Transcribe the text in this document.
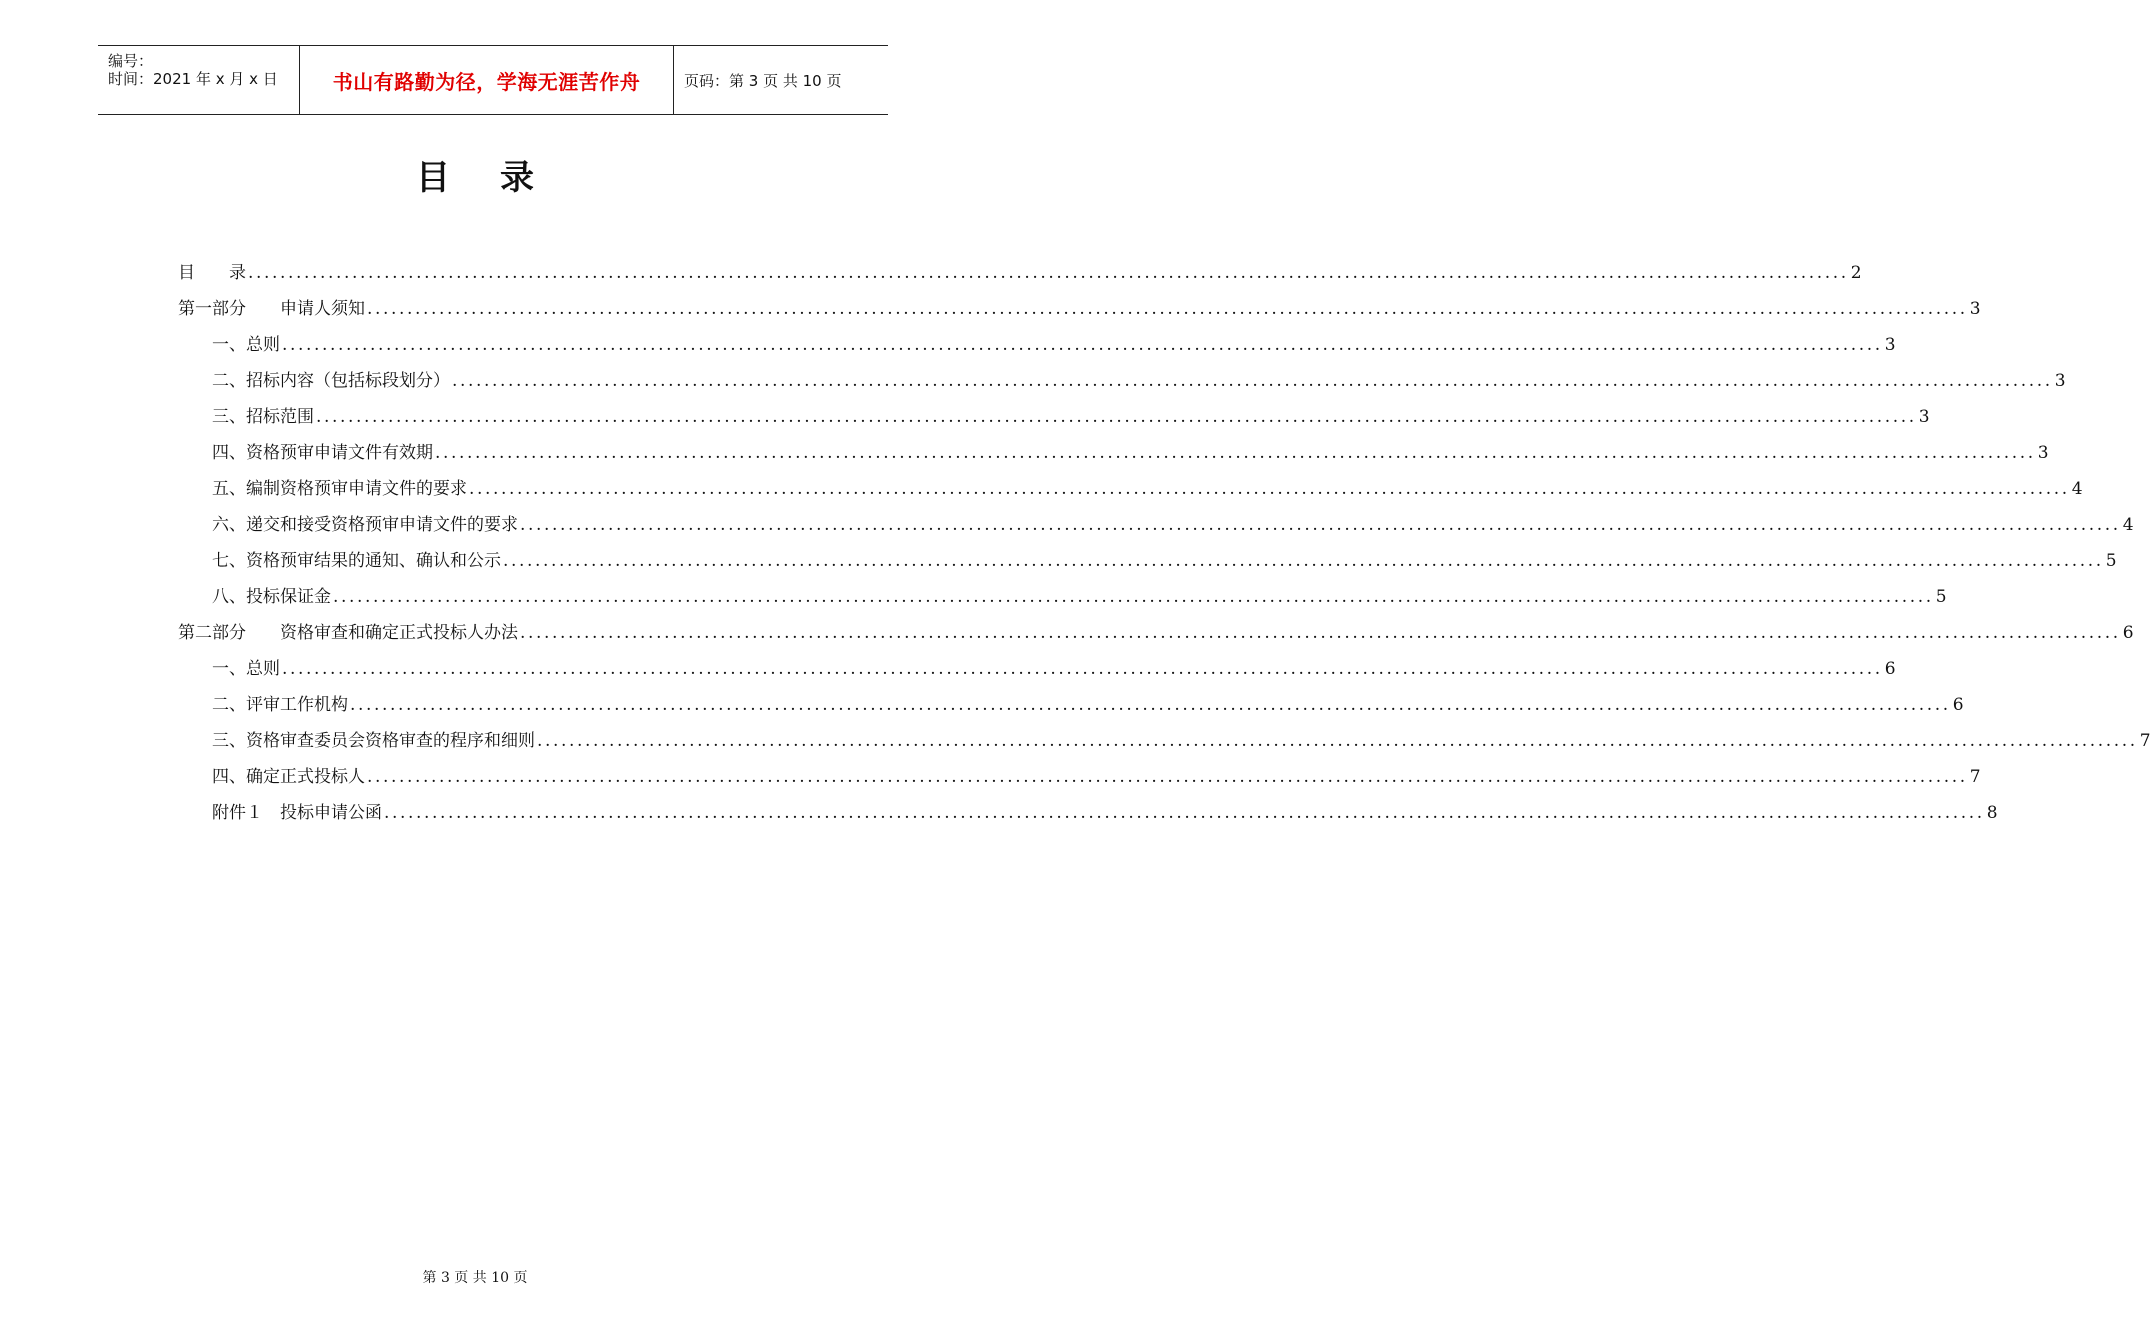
编号：
时间：2021 年 x 月 x 日	书山有路勤为径，学海无涯苦作舟	页码：第 3 页 共 10 页
目 录
目　　录 ........................................................................................................................................................................................................ 2
第一部分　　申请人须知 ........................................................................................................................................................................................................ 3
一、总则 ........................................................................................................................................................................................................ 3
二、招标内容（包括标段划分） ........................................................................................................................................................................................................ 3
三、招标范围 ........................................................................................................................................................................................................ 3
四、资格预审申请文件有效期 ........................................................................................................................................................................................................ 3
五、编制资格预审申请文件的要求 ........................................................................................................................................................................................................ 4
六、递交和接受资格预审申请文件的要求 ........................................................................................................................................................................................................ 4
七、资格预审结果的通知、确认和公示 ........................................................................................................................................................................................................ 5
八、投标保证金 ........................................................................................................................................................................................................ 5
第二部分　　资格审查和确定正式投标人办法 ........................................................................................................................................................................................................ 6
一、总则 ........................................................................................................................................................................................................ 6
二、评审工作机构 ........................................................................................................................................................................................................ 6
三、资格审查委员会资格审查的程序和细则 ........................................................................................................................................................................................................ 7
四、确定正式投标人 ........................................................................................................................................................................................................ 7
附件１　投标申请公函 ........................................................................................................................................................................................................ 8
第 3 页 共 10 页
